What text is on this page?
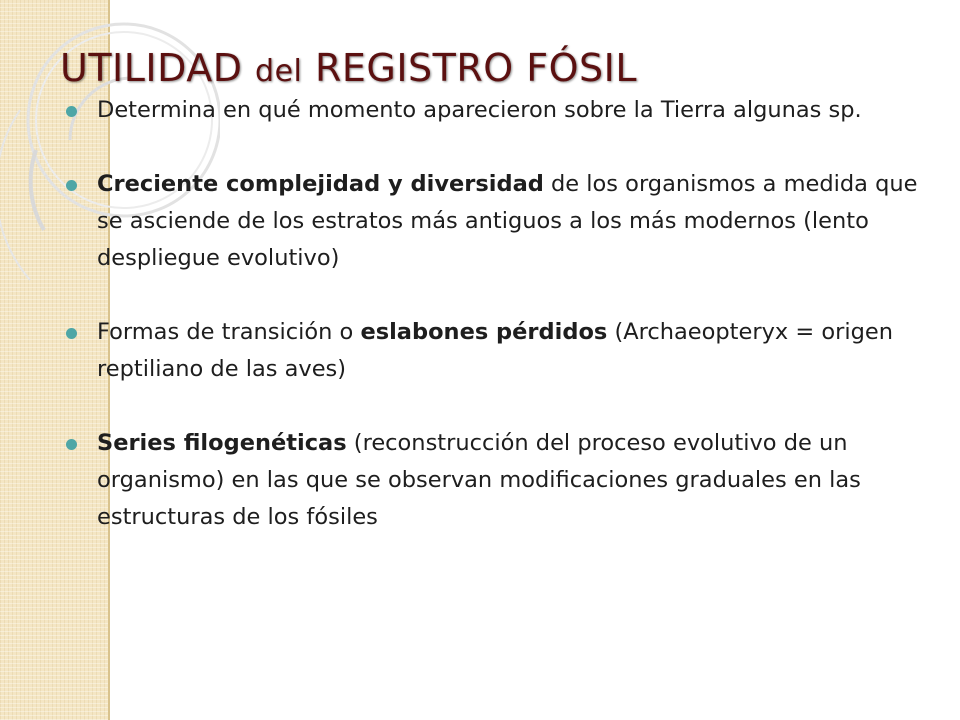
UTILIDAD del REGISTRO FÓSIL
Determina en qué momento aparecieron sobre la Tierra algunas sp.
Creciente complejidad y diversidad de los organismos a medida que se asciende de los estratos más antiguos a los más modernos (lento despliegue evolutivo)
Formas de transición o eslabones pérdidos (Archaeopteryx = origen reptiliano de las aves)
Series filogenéticas (reconstrucción del proceso evolutivo de un organismo) en las que se observan modificaciones graduales en las estructuras de los fósiles
